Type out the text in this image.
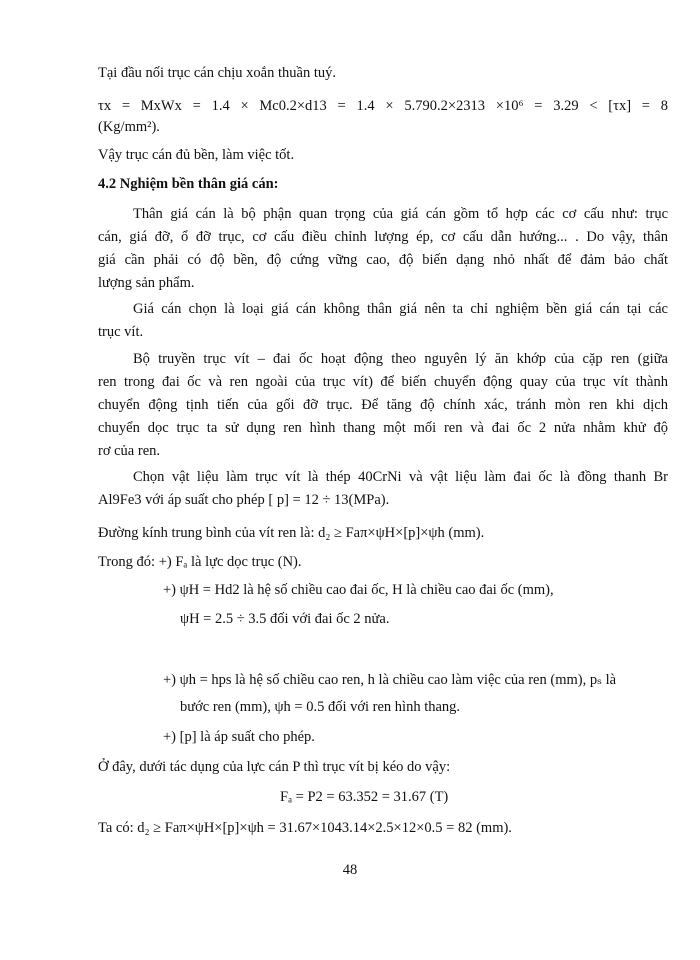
Tại đầu nối trục cán chịu xoắn thuần tuý.
τx = MxWx = 1.4 × Mc0.2×d13 = 1.4 × 5.790.2×2313 ×10⁶ = 3.29 < [τx] = 8
(Kg/mm²).
Vậy trục cán đủ bền, làm việc tốt.
4.2 Nghiệm bền thân giá cán:
Thân giá cán là bộ phận quan trọng của giá cán gồm tổ hợp các cơ cấu như: trục
cán, giá đỡ, ổ đỡ trục, cơ cấu điều chỉnh lượng ép, cơ cấu dẫn hướng... . Do vậy, thân
giá cần phải có độ bền, độ cứng vững cao, độ biến dạng nhỏ nhất để đảm bảo chất
lượng sản phẩm.
Giá cán chọn là loại giá cán không thân giá nên ta chỉ nghiệm bền giá cán tại các
trục vít.
Bộ truyền trục vít – đai ốc hoạt động theo nguyên lý ăn khớp của cặp ren (giữa
ren trong đai ốc và ren ngoài của trục vít) để biến chuyển động quay của trục vít thành
chuyển động tịnh tiến của gối đỡ trục. Để tăng độ chính xác, tránh mòn ren khi dịch
chuyển dọc trục ta sử dụng ren hình thang một mối ren và đai ốc 2 nửa nhằm khử độ
rơ của ren.
Chọn vật liệu làm trục vít là thép 40CrNi và vật liệu làm đai ốc là đồng thanh Br
Al9Fe3 với áp suất cho phép [ p] = 12 ÷ 13(MPa).
Đường kính trung bình của vít ren là: d₂ ≥ Faπ×ψH×[p]×ψh (mm).
Trong đó: +) Fₐ là lực dọc trục (N).
+) ψH = Hd2 là hệ số chiều cao đai ốc, H là chiều cao đai ốc (mm),
ψH = 2.5 ÷ 3.5 đối với đai ốc 2 nửa.
+) ψh = hps là hệ số chiều cao ren, h là chiều cao làm việc của ren (mm), pₛ là
bước ren (mm), ψh = 0.5 đối với ren hình thang.
+) [p] là áp suất cho phép.
Ở đây, dưới tác dụng của lực cán P thì trục vít bị kéo do vậy:
Fₐ = P2 = 63.352 = 31.67 (T)
Ta có: d₂ ≥ Faπ×ψH×[p]×ψh = 31.67×1043.14×2.5×12×0.5 = 82 (mm).
48
